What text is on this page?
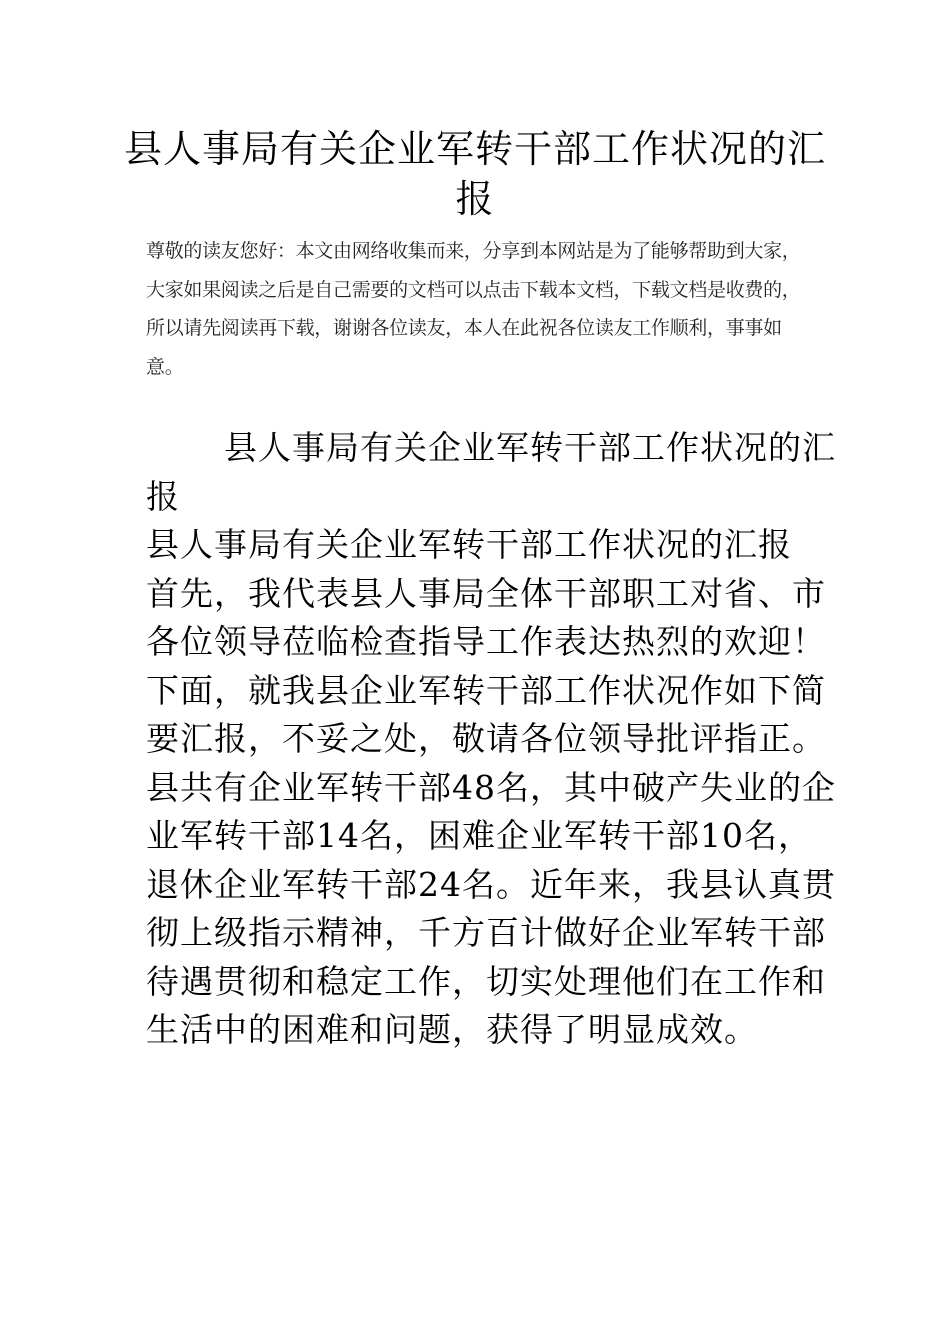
县人事局有关企业军转干部工作状况的汇报

尊敬的读友您好：本文由网络收集而来，分享到本网站是为了能够帮助到大家，大家如果阅读之后是自己需要的文档可以点击下载本文档，下载文档是收费的，所以请先阅读再下载，谢谢各位读友，本人在此祝各位读友工作顺利，事事如意。

县人事局有关企业军转干部工作状况的汇报

县人事局有关企业军转干部工作状况的汇报

首先，我代表县人事局全体干部职工对省、市各位领导莅临检查指导工作表达热烈的欢迎！下面，就我县企业军转干部工作状况作如下简要汇报，不妥之处，敬请各位领导批评指正。

县共有企业军转干部48名，其中破产失业的企业军转干部14名，困难企业军转干部10名，退休企业军转干部24名。近年来，我县认真贯彻上级指示精神，千方百计做好企业军转干部待遇贯彻和稳定工作，切实处理他们在工作和生活中的困难和问题，获得了明显成效。
